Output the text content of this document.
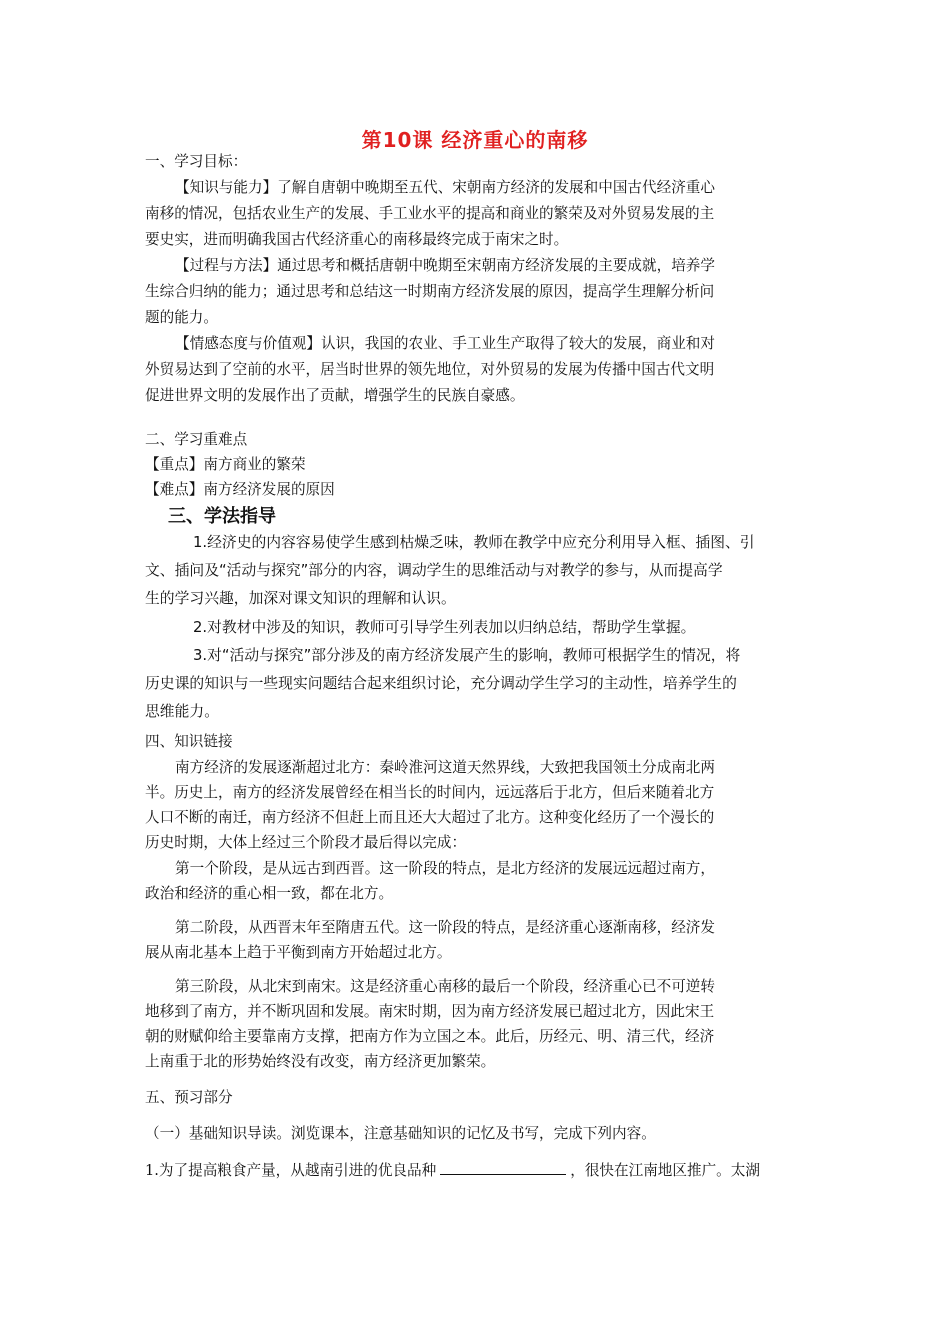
第10课 经济重心的南移
一、学习目标：
【知识与能力】了解自唐朝中晚期至五代、宋朝南方经济的发展和中国古代经济重心
南移的情况，包括农业生产的发展、手工业水平的提高和商业的繁荣及对外贸易发展的主
要史实，进而明确我国古代经济重心的南移最终完成于南宋之时。
【过程与方法】通过思考和概括唐朝中晚期至宋朝南方经济发展的主要成就，培养学
生综合归纳的能力；通过思考和总结这一时期南方经济发展的原因，提高学生理解分析问
题的能力。
【情感态度与价值观】认识，我国的农业、手工业生产取得了较大的发展，商业和对
外贸易达到了空前的水平，居当时世界的领先地位，对外贸易的发展为传播中国古代文明
促进世界文明的发展作出了贡献，增强学生的民族自豪感。
二、学习重难点
【重点】南方商业的繁荣
【难点】南方经济发展的原因
三、学法指导
1.经济史的内容容易使学生感到枯燥乏味，教师在教学中应充分利用导入框、插图、引
文、插问及“活动与探究”部分的内容，调动学生的思维活动与对教学的参与，从而提高学
生的学习兴趣，加深对课文知识的理解和认识。
2.对教材中涉及的知识，教师可引导学生列表加以归纳总结，帮助学生掌握。
3.对“活动与探究”部分涉及的南方经济发展产生的影响，教师可根据学生的情况，将
历史课的知识与一些现实问题结合起来组织讨论，充分调动学生学习的主动性，培养学生的
思维能力。
四、知识链接
南方经济的发展逐渐超过北方：秦岭淮河这道天然界线，大致把我国领土分成南北两
半。历史上，南方的经济发展曾经在相当长的时间内，远远落后于北方，但后来随着北方
人口不断的南迁，南方经济不但赶上而且还大大超过了北方。这种变化经历了一个漫长的
历史时期，大体上经过三个阶段才最后得以完成：
第一个阶段，是从远古到西晋。这一阶段的特点，是北方经济的发展远远超过南方，
政治和经济的重心相一致，都在北方。
第二阶段，从西晋末年至隋唐五代。这一阶段的特点，是经济重心逐渐南移，经济发
展从南北基本上趋于平衡到南方开始超过北方。
第三阶段，从北宋到南宋。这是经济重心南移的最后一个阶段，经济重心已不可逆转
地移到了南方，并不断巩固和发展。南宋时期，因为南方经济发展已超过北方，因此宋王
朝的财赋仰给主要靠南方支撑，把南方作为立国之本。此后，历经元、明、清三代，经济
上南重于北的形势始终没有改变，南方经济更加繁荣。
五、预习部分
（一）基础知识导读。浏览课本，注意基础知识的记忆及书写，完成下列内容。
1.为了提高粮食产量，从越南引进的优良品种	，很快在江南地区推广。太湖
